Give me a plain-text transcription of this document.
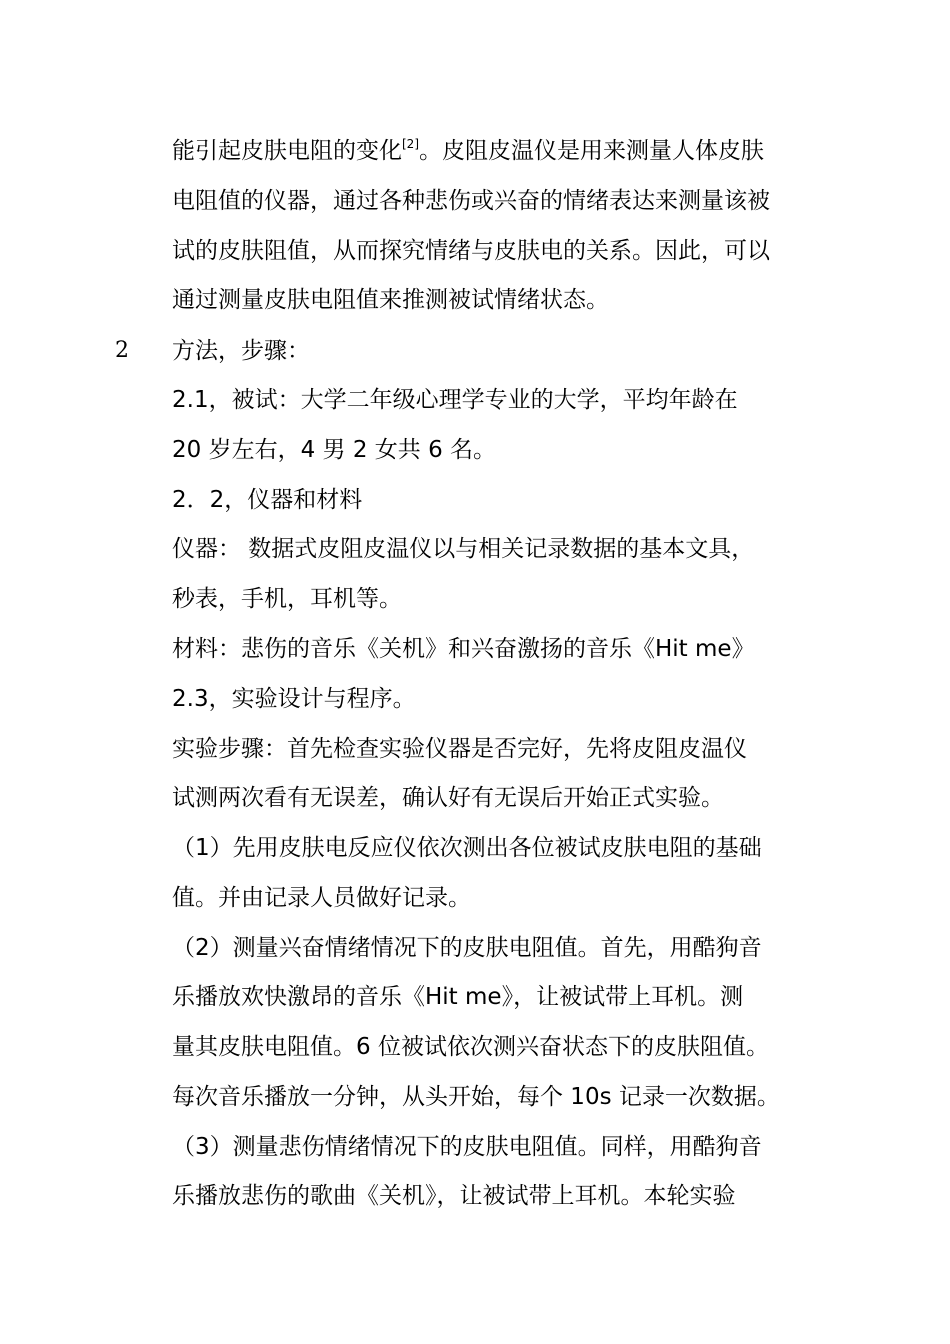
能引起皮肤电阻的变化[2]。皮阻皮温仪是用来测量人体皮肤
电阻值的仪器，通过各种悲伤或兴奋的情绪表达来测量该被
试的皮肤阻值，从而探究情绪与皮肤电的关系。因此，可以
通过测量皮肤电阻值来推测被试情绪状态。
2 方法，步骤：
2.1，被试：大学二年级心理学专业的大学，平均年龄在
20 岁左右，4 男 2 女共 6 名。
2．2，仪器和材料
仪器： 数据式皮阻皮温仪以与相关记录数据的基本文具，
秒表，手机，耳机等。
材料：悲伤的音乐《关机》和兴奋激扬的音乐《Hit me》
2.3，实验设计与程序。
实验步骤：首先检查实验仪器是否完好，先将皮阻皮温仪
试测两次看有无误差，确认好有无误后开始正式实验。
（1）先用皮肤电反应仪依次测出各位被试皮肤电阻的基础
值。并由记录人员做好记录。
（2）测量兴奋情绪情况下的皮肤电阻值。首先，用酷狗音
乐播放欢快激昂的音乐《Hit me》，让被试带上耳机。测
量其皮肤电阻值。6 位被试依次测兴奋状态下的皮肤阻值。
每次音乐播放一分钟，从头开始，每个 10s 记录一次数据。
（3）测量悲伤情绪情况下的皮肤电阻值。同样，用酷狗音
乐播放悲伤的歌曲《关机》，让被试带上耳机。本轮实验
